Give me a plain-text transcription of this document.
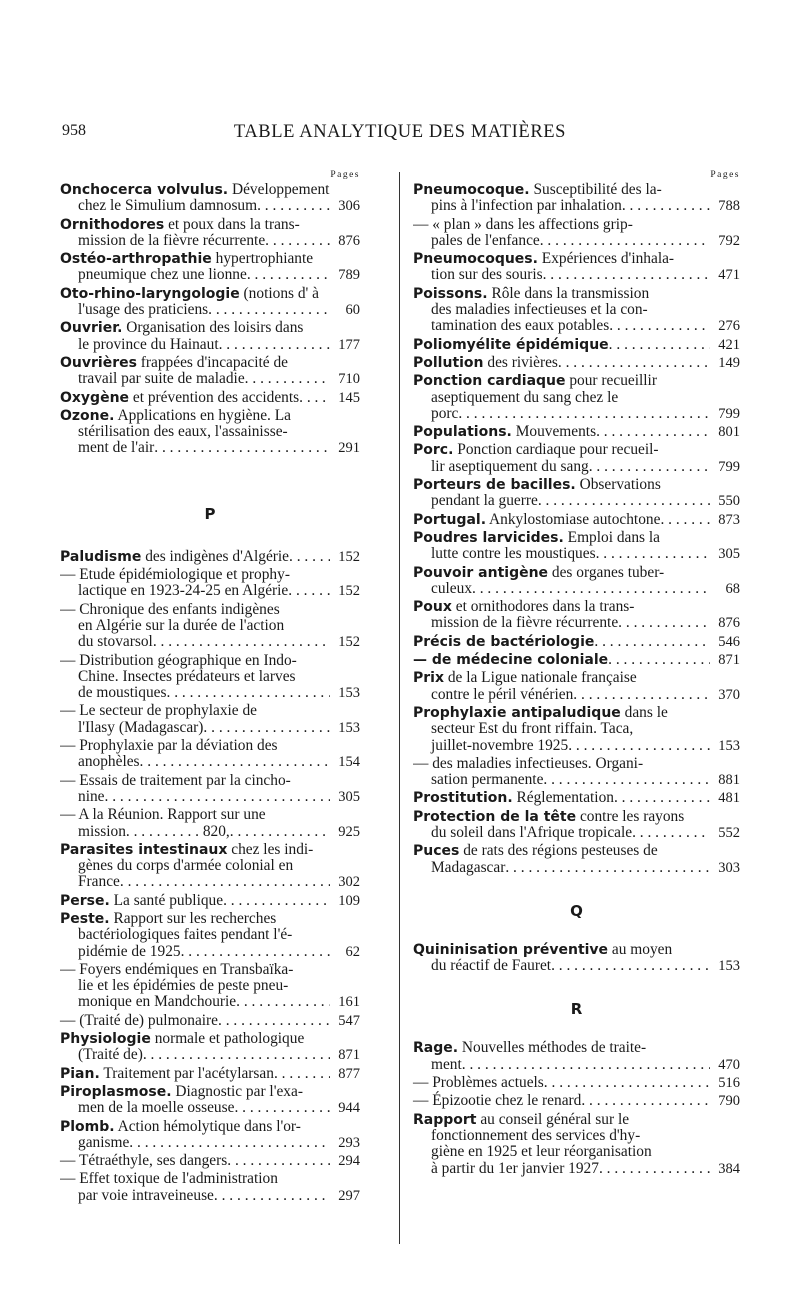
958	TABLE ANALYTIQUE DES MATIÈRES
Pages
Onchocerca volvulus. Développement
chez le Simulium damnosum . . .	306
Ornithodores et poux dans la trans-
mission de la fièvre récurrente . . .	876
Ostéo-arthropathie hypertrophiante
pneumique chez une lionne . . .	789
Oto-rhino-laryngologie (notions d' à
l'usage des praticiens . . .	60
Ouvrier. Organisation des loisirs dans
le province du Hainaut . . .	177
Ouvrières frappées d'incapacité de
travail par suite de maladie . . .	710
Oxygène et prévention des accidents . . .	145
Ozone. Applications en hygiène. La
stérilisation des eaux, l'assainisse-
ment de l'air . . .	291
P
Paludisme des indigènes d'Algérie . . .	152
— Etude épidémiologique et prophy-
lactique en 1923-24-25 en Algérie . . .	152
— Chronique des enfants indigènes
en Algérie sur la durée de l'action
du stovarsol . . .	152
— Distribution géographique en Indo-
Chine. Insectes prédateurs et larves
de moustiques . . .	153
— Le secteur de prophylaxie de
l'Ilasy (Madagascar) . . .	153
— Prophylaxie par la déviation des
anophèles . . .	154
— Essais de traitement par la cincho-
nine . . .	305
— A la Réunion. Rapport sur une
mission. . . . . . . . . . 820, . . .	925
Parasites intestinaux chez les indi-
gènes du corps d'armée colonial en
France . . .	302
Perse. La santé publique . . .	109
Peste. Rapport sur les recherches
bactériologiques faites pendant l'é-
pidémie de 1925 . . .	62
— Foyers endémiques en Transbaïka-
lie et les épidémies de peste pneu-
monique en Mandchourie . . .	161
— (Traité de) pulmonaire . . .	547
Physiologie normale et pathologique
(Traité de) . . .	871
Pian. Traitement par l'acétylarsan . . .	877
Piroplasmose. Diagnostic par l'exa-
men de la moelle osseuse . . .	944
Plomb. Action hémolytique dans l'or-
ganisme . . .	293
— Tétraéthyle, ses dangers . . .	294
— Effet toxique de l'administration
par voie intraveineuse . . .	297
Pages
Pneumocoque. Susceptibilité des la-
pins à l'infection par inhalation . . .	788
— « plan » dans les affections grip-
pales de l'enfance . . .	792
Pneumocoques. Expériences d'inhala-
tion sur des souris . . .	471
Poissons. Rôle dans la transmission
des maladies infectieuses et la con-
tamination des eaux potables . . .	276
Poliomyélite épidémique . . .	421
Pollution des rivières . . .	149
Ponction cardiaque pour recueillir
aseptiquement du sang chez le
porc . . .	799
Populations. Mouvements . . .	801
Porc. Ponction cardiaque pour recueil-
lir aseptiquement du sang . . .	799
Porteurs de bacilles. Observations
pendant la guerre . . .	550
Portugal. Ankylostomiase autochtone . . .	873
Poudres larvicides. Emploi dans la
lutte contre les moustiques . . .	305
Pouvoir antigène des organes tuber-
culeux . . .	68
Poux et ornithodores dans la trans-
mission de la fièvre récurrente . . .	876
Précis de bactériologie . . .	546
— de médecine coloniale . . .	871
Prix de la Ligue nationale française
contre le péril vénérien . . .	370
Prophylaxie antipaludique dans le
secteur Est du front riffain. Taca,
juillet-novembre 1925 . . .	153
— des maladies infectieuses. Organi-
sation permanente . . .	881
Prostitution. Réglementation . . .	481
Protection de la tête contre les rayons
du soleil dans l'Afrique tropicale . . .	552
Puces de rats des régions pesteuses de
Madagascar . . .	303
Q
Quininisation préventive au moyen
du réactif de Fauret . . .	153
R
Rage. Nouvelles méthodes de traite-
ment . . .	470
— Problèmes actuels . . .	516
— Épizootie chez le renard . . .	790
Rapport au conseil général sur le
fonctionnement des services d'hy-
giène en 1925 et leur réorganisation
à partir du 1er janvier 1927 . . .	384
